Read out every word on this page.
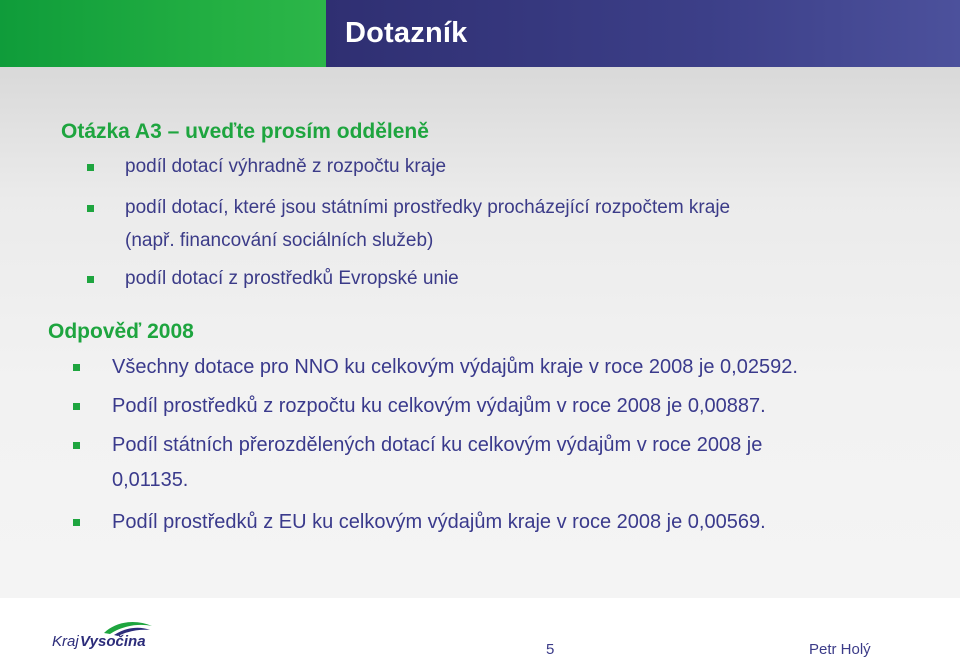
Dotazník
Otázka A3 – uveďte prosím odděleně
podíl dotací výhradně z rozpočtu kraje
podíl dotací, které jsou státními prostředky procházející rozpočtem kraje
(např. financování sociálních služeb)
podíl dotací z prostředků Evropské unie
Odpověď 2008
Všechny dotace pro NNO ku celkovým výdajům kraje v roce 2008 je 0,02592.
Podíl prostředků z rozpočtu ku celkovým výdajům v roce 2008 je 0,00887.
Podíl státních přerozdělených dotací ku celkovým výdajům v roce 2008 je
0,01135.
Podíl prostředků z EU ku celkovým výdajům kraje v roce 2008 je 0,00569.
Kraj Vysočina	5	Petr Holý
